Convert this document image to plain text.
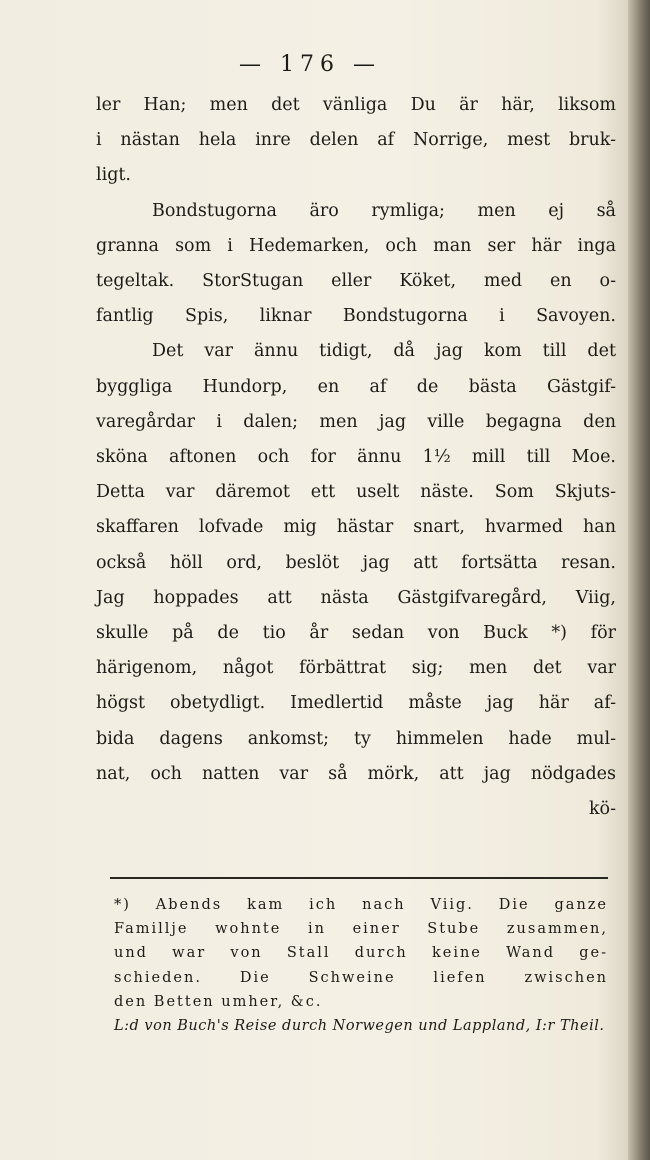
— 176 —
ler Han; men det vänliga Du är här, liksom
i nästan hela inre delen af Norrige, mest bruk-
ligt.
Bondstugorna äro rymliga; men ej så
granna som i Hedemarken, och man ser här inga
tegeltak. StorStugan eller Köket, med en o-
fantlig Spis, liknar Bondstugorna i Savoyen.
Det var ännu tidigt, då jag kom till det
byggliga Hundorp, en af de bästa Gästgif-
varegårdar i dalen; men jag ville begagna den
sköna aftonen och for ännu 1½ mill till Moe.
Detta var däremot ett uselt näste. Som Skjuts-
skaffaren lofvade mig hästar snart, hvarmed han
också höll ord, beslöt jag att fortsätta resan.
Jag hoppades att nästa Gästgifvaregård, Viig,
skulle på de tio år sedan von Buck *) för
härigenom, något förbättrat sig; men det var
högst obetydligt. Imedlertid måste jag här af-
bida dagens ankomst; ty himmelen hade mul-
nat, och natten var så mörk, att jag nödgades
kö-
*) Abends kam ich nach Viig. Die ganze
Famillje wohnte in einer Stube zusammen,
und war von Stall durch keine Wand ge-
schieden. Die Schweine liefen zwischen
den Betten umher, &c.
L:d von Buch's Reise durch Norwegen und Lappland, I:r Theil.
